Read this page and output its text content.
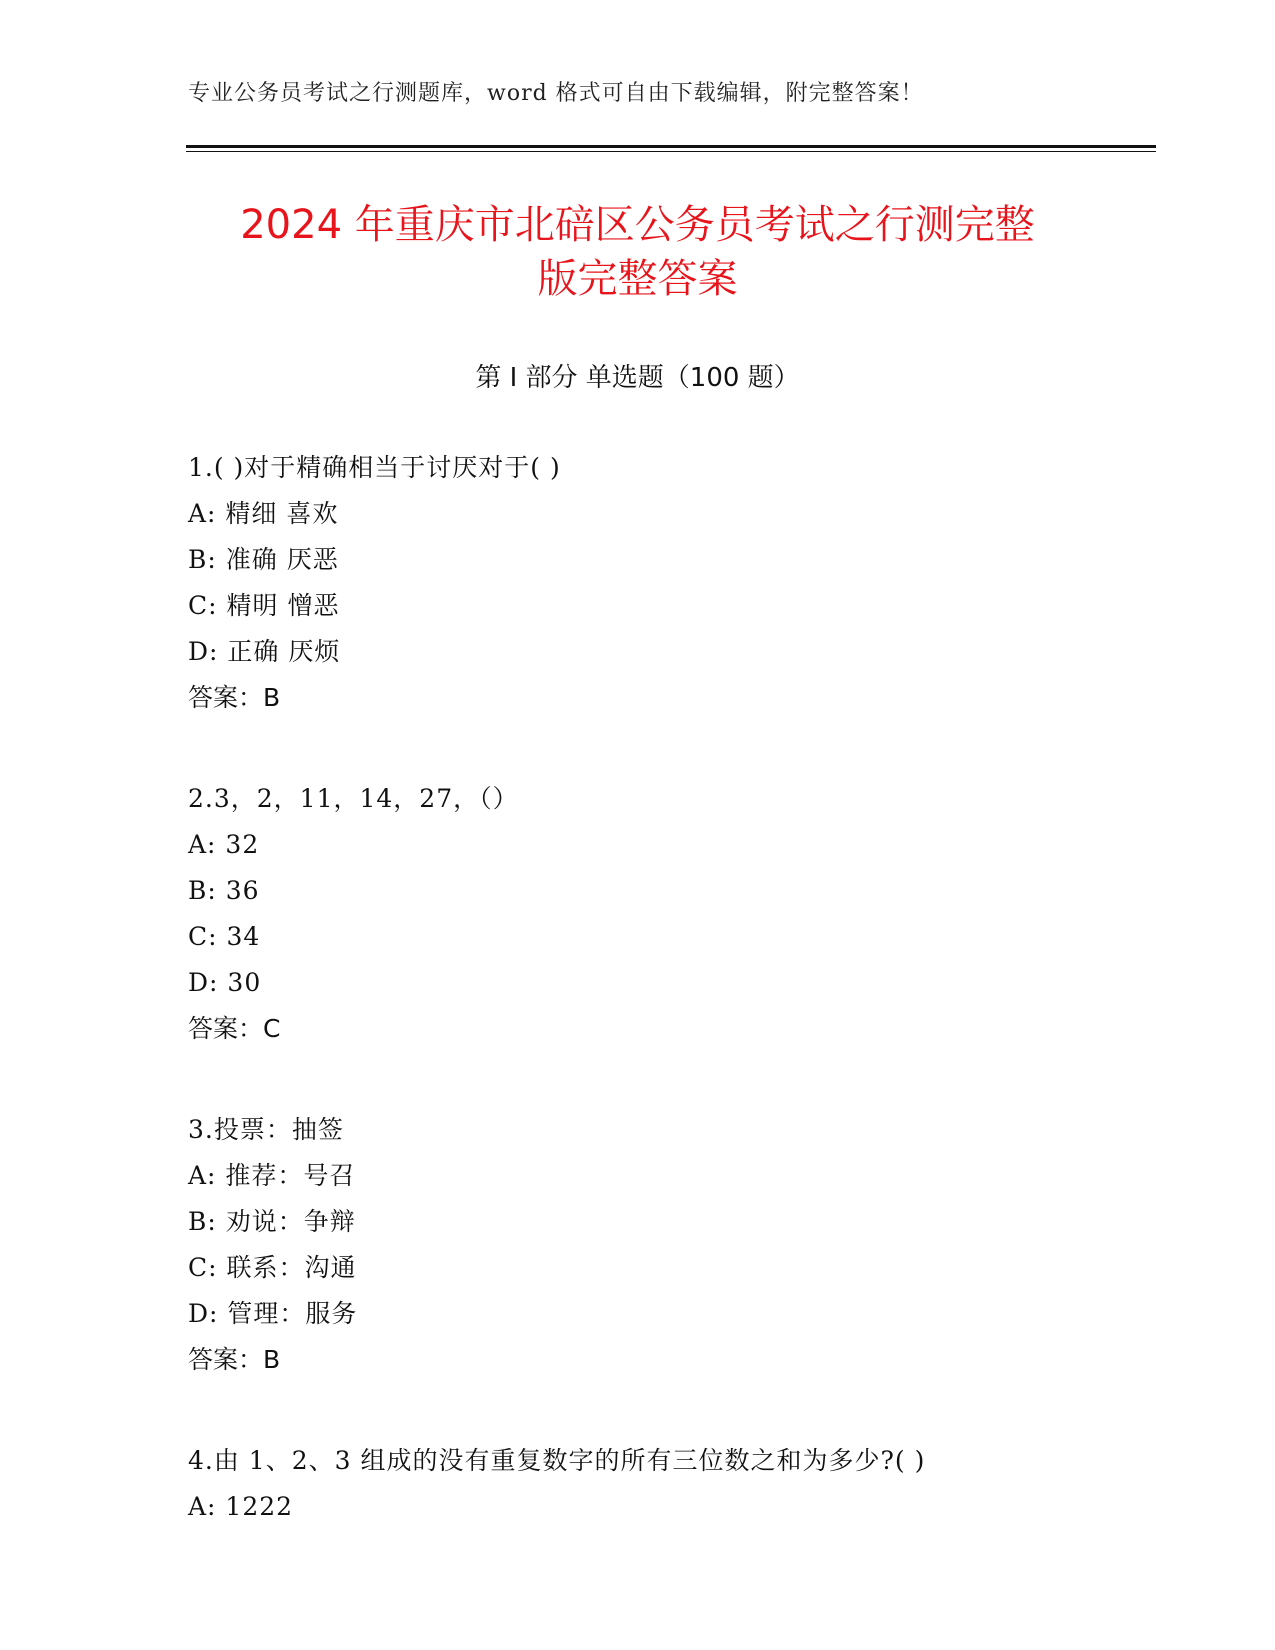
专业公务员考试之行测题库，word 格式可自由下载编辑，附完整答案！
2024 年重庆市北碚区公务员考试之行测完整
版完整答案
第 I 部分 单选题（100 题）
1.( )对于精确相当于讨厌对于( )
A: 精细 喜欢
B: 准确 厌恶
C: 精明 憎恶
D: 正确 厌烦
答案：B
2.3，2，11，14，27，（）
A: 32
B: 36
C: 34
D: 30
答案：C
3.投票：抽签
A: 推荐：号召
B: 劝说：争辩
C: 联系：沟通
D: 管理：服务
答案：B
4.由 1、2、3 组成的没有重复数字的所有三位数之和为多少?( )
A: 1222
